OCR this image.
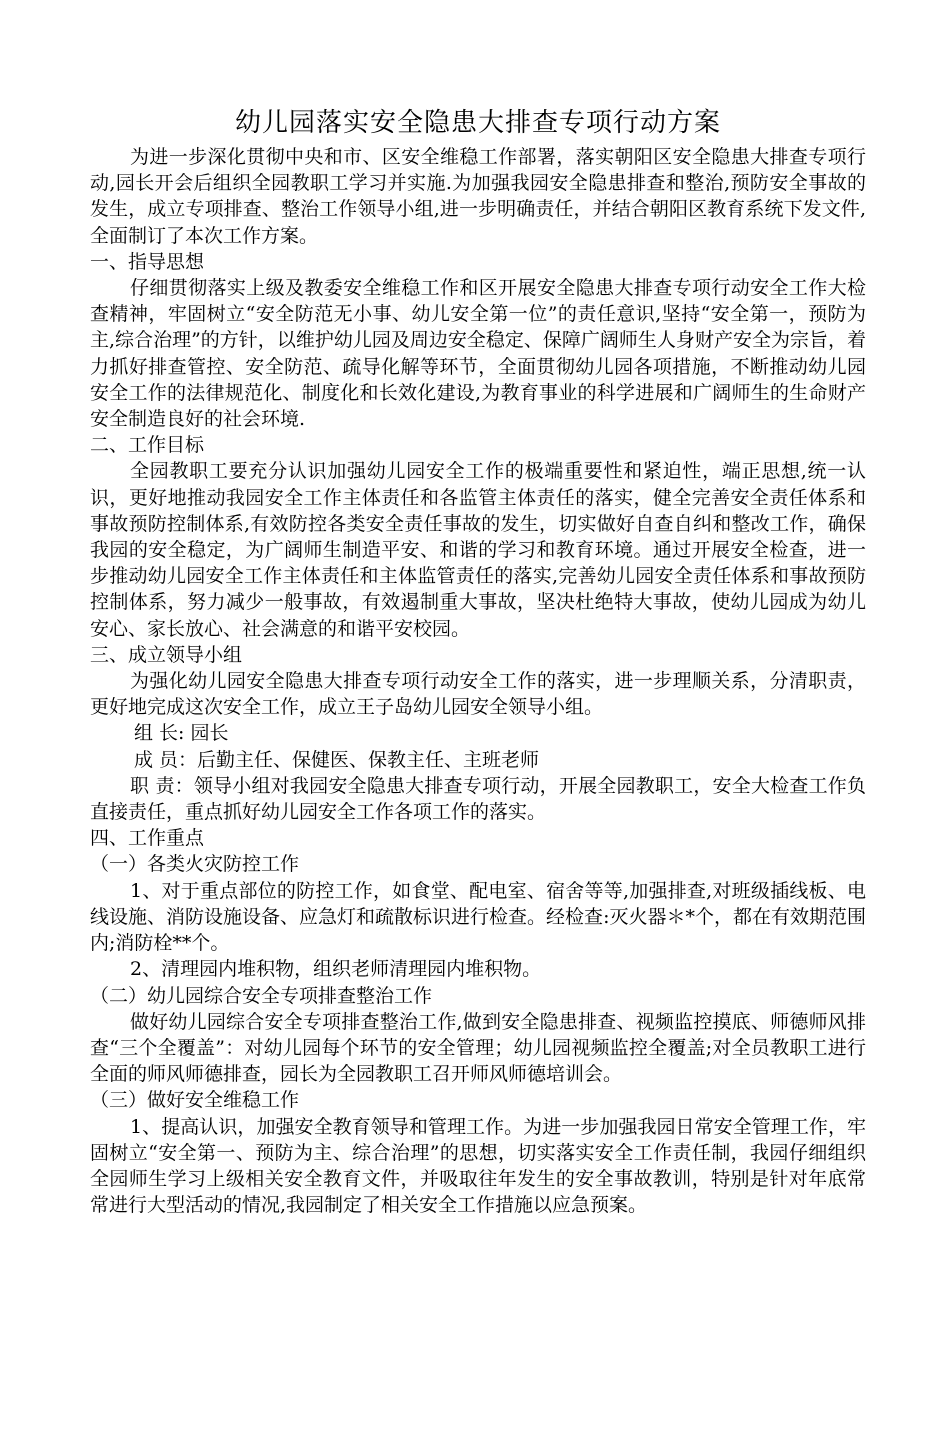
幼儿园落实安全隐患大排查专项行动方案

为进一步深化贯彻中央和市、区安全维稳工作部署，落实朝阳区安全隐患大排查专项行动,园长开会后组织全园教职工学习并实施.为加强我园安全隐患排查和整治,预防安全事故的发生，成立专项排查、整治工作领导小组,进一步明确责任，并结合朝阳区教育系统下发文件,全面制订了本次工作方案。

一、指导思想

仔细贯彻落实上级及教委安全维稳工作和区开展安全隐患大排查专项行动安全工作大检查精神，牢固树立“安全防范无小事、幼儿安全第一位”的责任意识,坚持“安全第一，预防为主,综合治理”的方针，以维护幼儿园及周边安全稳定、保障广阔师生人身财产安全为宗旨，着力抓好排查管控、安全防范、疏导化解等环节，全面贯彻幼儿园各项措施，不断推动幼儿园安全工作的法律规范化、制度化和长效化建设,为教育事业的科学进展和广阔师生的生命财产安全制造良好的社会环境.

二、工作目标

全园教职工要充分认识加强幼儿园安全工作的极端重要性和紧迫性，端正思想,统一认识，更好地推动我园安全工作主体责任和各监管主体责任的落实，健全完善安全责任体系和事故预防控制体系,有效防控各类安全责任事故的发生，切实做好自查自纠和整改工作，确保我园的安全稳定，为广阔师生制造平安、和谐的学习和教育环境。通过开展安全检查，进一步推动幼儿园安全工作主体责任和主体监管责任的落实,完善幼儿园安全责任体系和事故预防控制体系，努力减少一般事故，有效遏制重大事故，坚决杜绝特大事故，使幼儿园成为幼儿安心、家长放心、社会满意的和谐平安校园。

三、成立领导小组

为强化幼儿园安全隐患大排查专项行动安全工作的落实，进一步理顺关系，分清职责，更好地完成这次安全工作，成立王子岛幼儿园安全领导小组。

组 长: 园长

成 员：后勤主任、保健医、保教主任、主班老师

职 责：领导小组对我园安全隐患大排查专项行动，开展全园教职工，安全大检查工作负直接责任，重点抓好幼儿园安全工作各项工作的落实。

四、工作重点

（一）各类火灾防控工作

1、对于重点部位的防控工作，如食堂、配电室、宿舍等等,加强排查,对班级插线板、电线设施、消防设施设备、应急灯和疏散标识进行检查。经检查:灭火器＊*个，都在有效期范围内;消防栓**个。

2、清理园内堆积物，组织老师清理园内堆积物。

（二）幼儿园综合安全专项排查整治工作

做好幼儿园综合安全专项排查整治工作,做到安全隐患排查、视频监控摸底、师德师风排查“三个全覆盖”：对幼儿园每个环节的安全管理；幼儿园视频监控全覆盖;对全员教职工进行全面的师风师德排查，园长为全园教职工召开师风师德培训会。

（三）做好安全维稳工作

1、提高认识，加强安全教育领导和管理工作。为进一步加强我园日常安全管理工作，牢固树立“安全第一、预防为主、综合治理”的思想，切实落实安全工作责任制，我园仔细组织全园师生学习上级相关安全教育文件，并吸取往年发生的安全事故教训，特别是针对年底常常进行大型活动的情况,我园制定了相关安全工作措施以应急预案。
